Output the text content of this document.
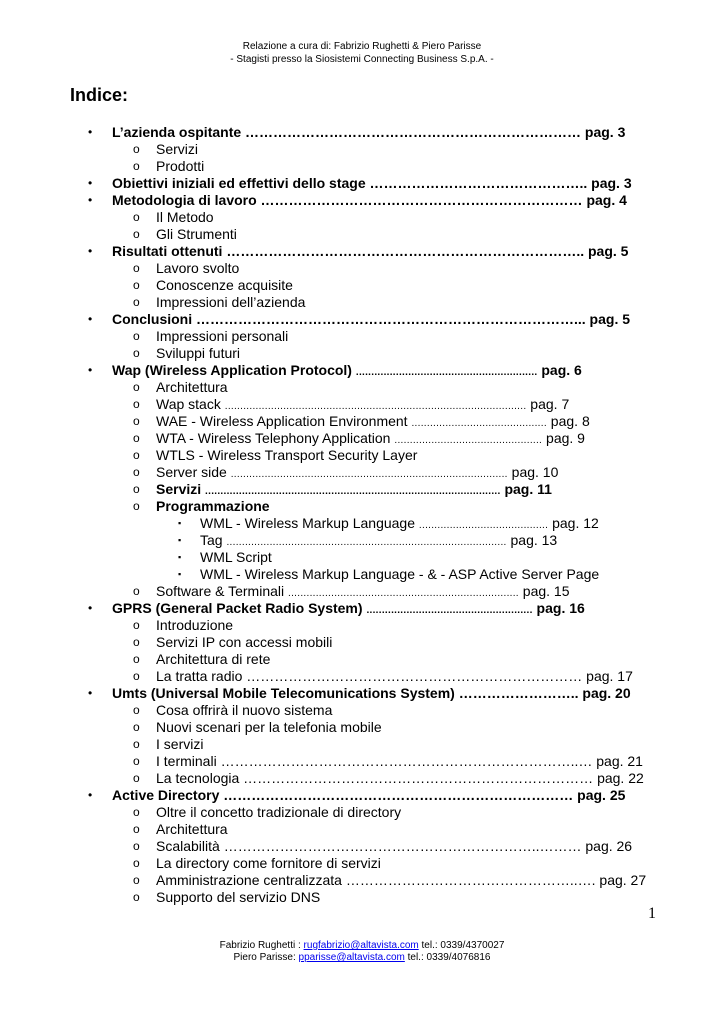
Relazione a cura di: Fabrizio Rughetti & Piero Parisse
- Stagisti presso la Siosistemi Connecting Business S.p.A. -
Indice:
• L’azienda ospitante ……………………………………………………………… pag. 3
o Servizi
o Prodotti
• Obiettivi iniziali ed effettivi dello stage ……………………………………….. pag. 3
• Metodologia di lavoro …………………………………………………………… pag. 4
o Il Metodo
o Gli Strumenti
• Risultati ottenuti ………………………………………………………………….. pag. 5
o Lavoro svolto
o Conoscenze acquisite
o Impressioni dell’azienda
• Conclusioni ………………………………………………………………………... pag. 5
o Impressioni personali
o Sviluppi futuri
• Wap (Wireless Application Protocol) ........................................................... pag. 6
o Architettura
o Wap stack .................................................................................................. pag. 7
o WAE - Wireless Application Environment ............................................ pag. 8
o WTA - Wireless Telephony Application ................................................ pag. 9
o WTLS - Wireless Transport Security Layer
o Server side .......................................................................................... pag. 10
o Servizi ................................................................................................ pag. 11
o Programmazione
▪ WML - Wireless Markup Language .......................................... pag. 12
▪ Tag ........................................................................................... pag. 13
▪ WML Script
▪ WML - Wireless Markup Language - & - ASP Active Server Page
o Software & Terminali ........................................................................... pag. 15
• GPRS (General Packet Radio System) ...................................................... pag. 16
o Introduzione
o Servizi IP con accessi mobili
o Architettura di rete
o La tratta radio ……………………………………………………………… pag. 17
• Umts (Universal Mobile Telecomunications System) …………………….. pag. 20
o Cosa offrirà il nuovo sistema
o Nuovi scenari per la telefonia mobile
o I servizi
o I terminali …………………………………………………………………..… pag. 21
o La tecnologia ………………………………………………………………… pag. 22
• Active Directory ………………………………………………………………… pag. 25
o Oltre il concetto tradizionale di directory
o Architettura
o Scalabilità …………………………………………………………..……… pag. 26
o La directory come fornitore di servizi
o Amministrazione centralizzata …………………………………………..…. pag. 27
o Supporto del servizio DNS
1
Fabrizio Rughetti : rugfabrizio@altavista.com tel.: 0339/4370027
Piero Parisse: pparisse@altavista.com tel.: 0339/4076816
